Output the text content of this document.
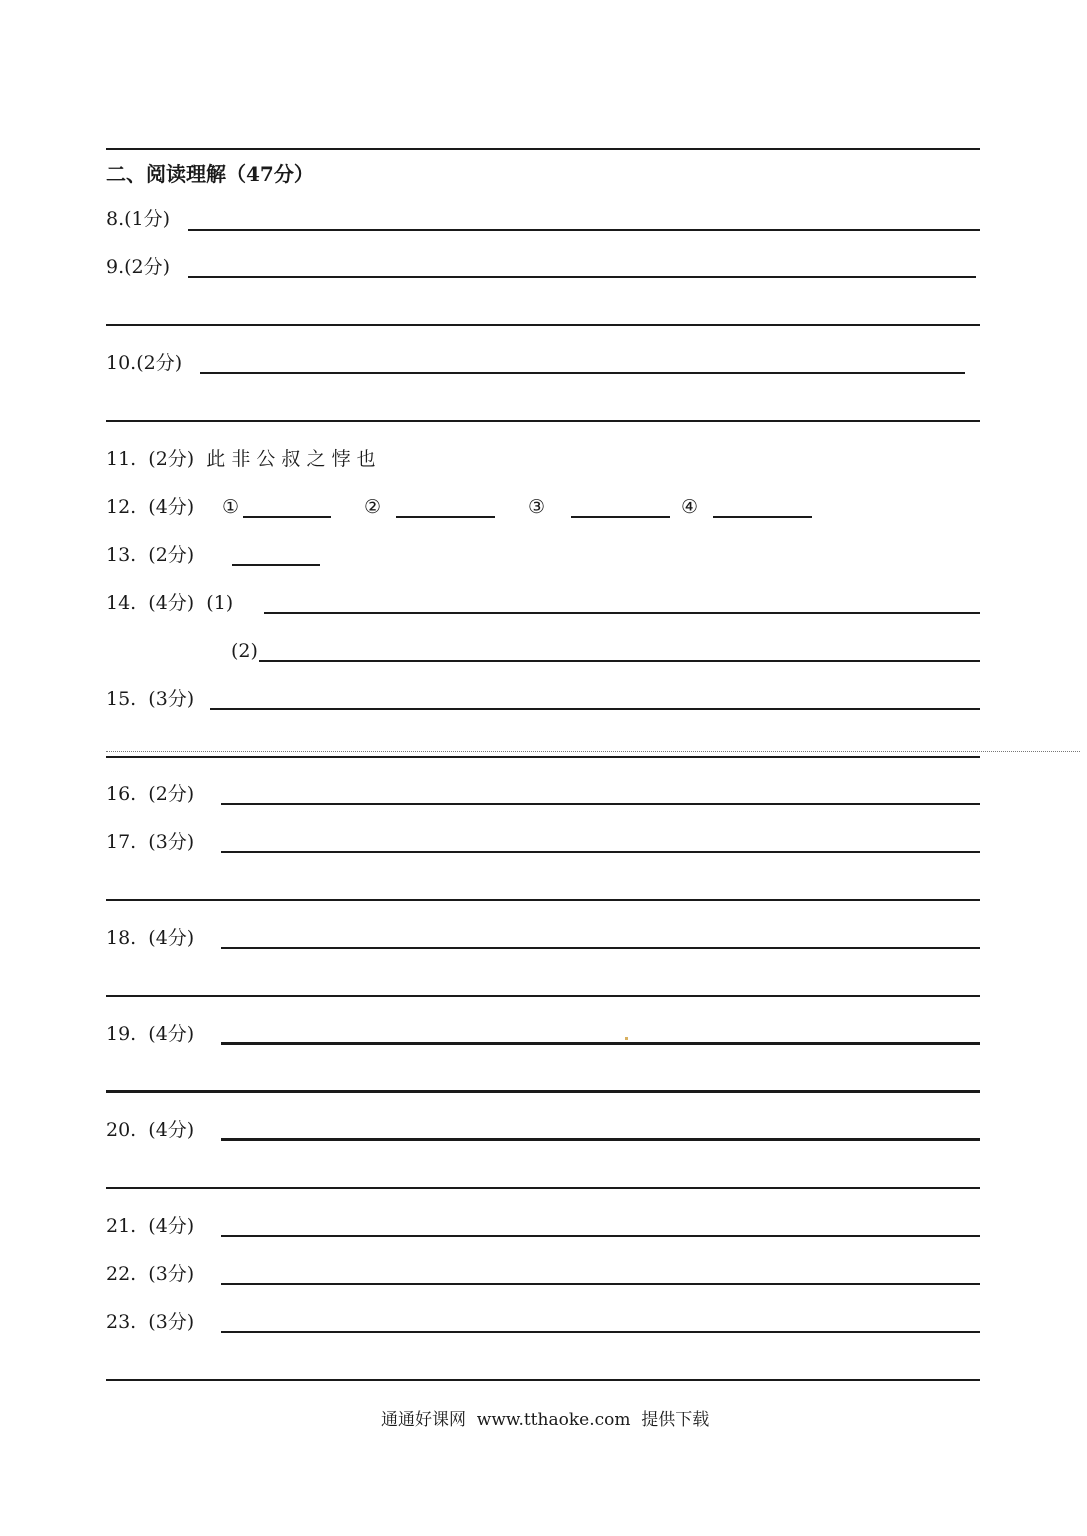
二、阅读理解（47分）
8.(1分)
9.(2分)
10.(2分)
11.  (2分)  此 非 公 叔 之 悖 也
12.  (4分) ①	②	③	④
13.  (2分)
14.  (4分)  (1)
(2)
15.  (3分)
16.  (2分)
17.  (3分)
18.  (4分)
19.  (4分)
20.  (4分)
21.  (4分)
22.  (3分)
23.  (3分)
通通好课网  www.tthaoke.com  提供下载
